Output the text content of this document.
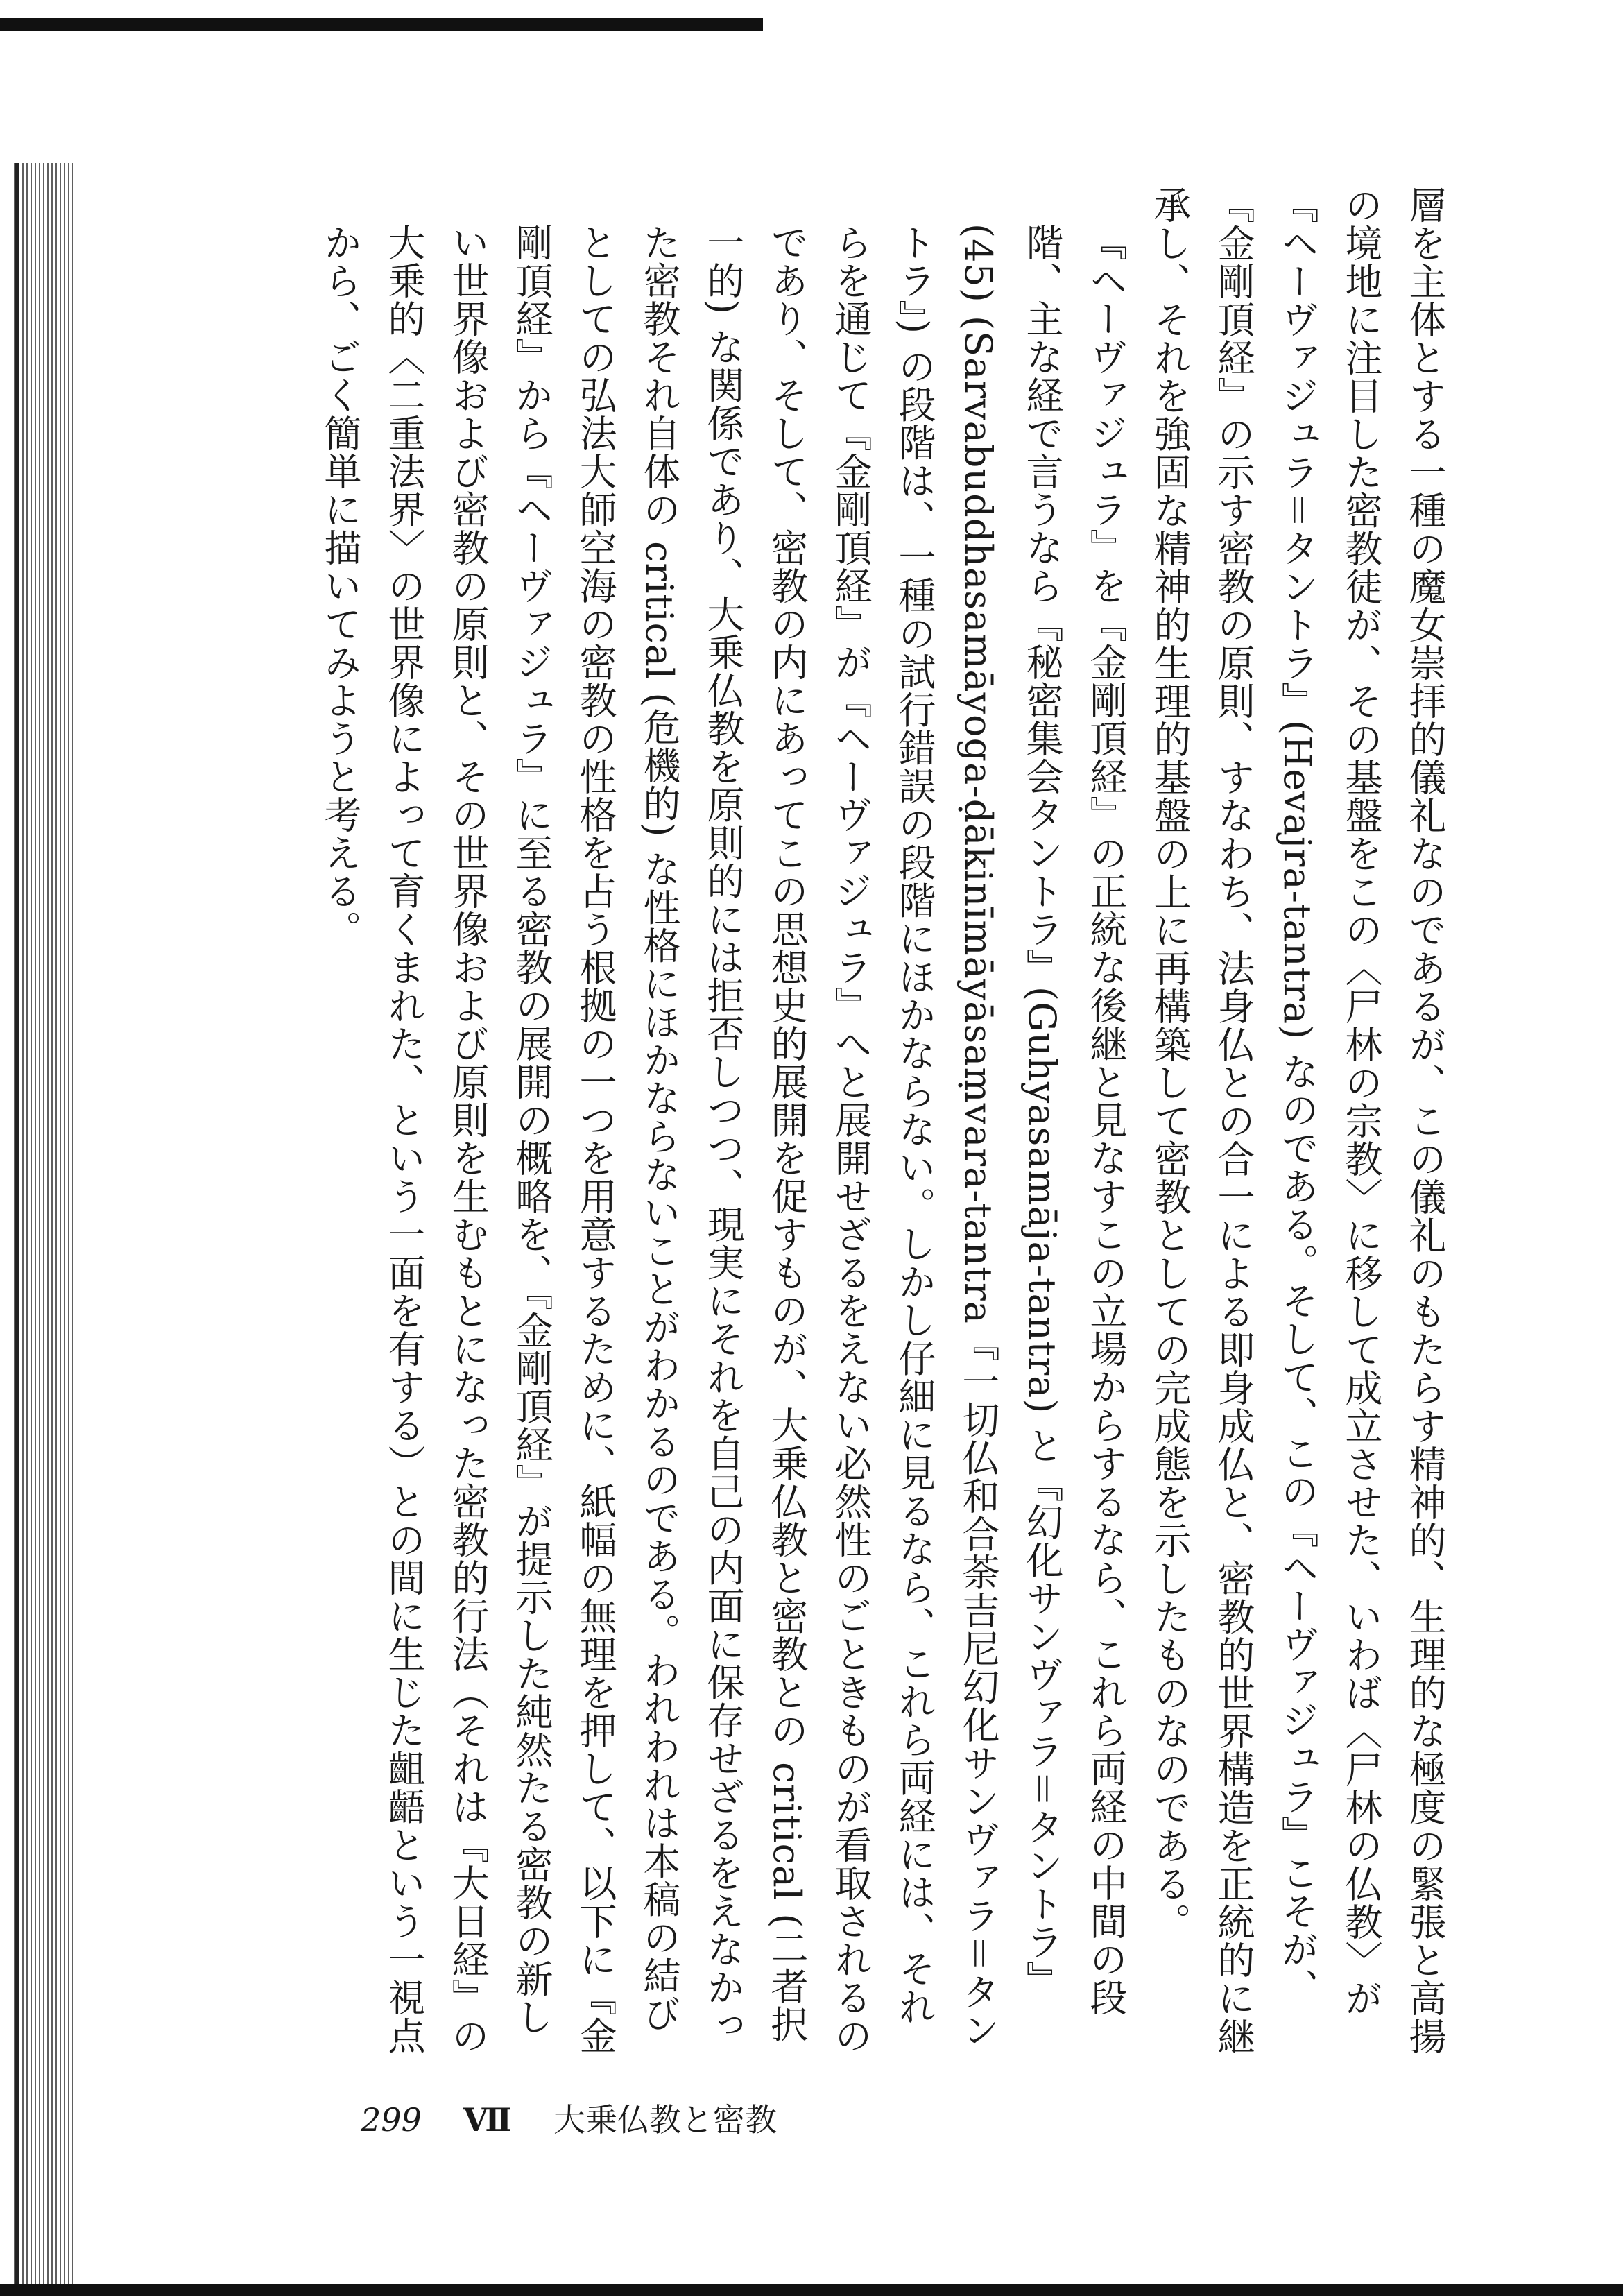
層を主体とする一種の魔女崇拝的儀礼なのであるが、この儀礼のもたらす精神的、生理的な極度の緊張と高揚の境地に注目した密教徒が、その基盤をこの〈尸林の宗教〉に移して成立させた、いわば〈尸林の仏教〉が『ヘーヴァジュラ＝タントラ』(Hevajra-tantra) なのである。そして、この『ヘーヴァジュラ』こそが、『金剛頂経』の示す密教の原則、すなわち、法身仏との合一による即身成仏と、密教的世界構造を正統的に継承し、それを強固な精神的生理的基盤の上に再構築して密教としての完成態を示したものなのである。

『ヘーヴァジュラ』を『金剛頂経』の正統な後継と見なすこの立場からするなら、これら両経の中間の段階、主な経で言うなら『秘密集会タントラ』(Guhyasamāja-tantra) と『幻化サンヴァラ＝タントラ』(45) (Sarvabuddhasamāyoga-ḍākinīmāyāsaṃvara-tantra『一切仏和合荼吉尼幻化サンヴァラ＝タントラ』) の段階は、一種の試行錯誤の段階にほかならない。しかし仔細に見るなら、これら両経には、それらを通じて『金剛頂経』が『ヘーヴァジュラ』へと展開せざるをえない必然性のごときものが看取されるのであり、そして、密教の内にあってこの思想史的展開を促すものが、大乗仏教と密教との critical (二者択一的) な関係であり、大乗仏教を原則的には拒否しつつ、現実にそれを自己の内面に保存せざるをえなかった密教それ自体の critical (危機的) な性格にほかならないことがわかるのである。われわれは本稿の結びとしての弘法大師空海の密教の性格を占う根拠の一つを用意するために、紙幅の無理を押して、以下に『金剛頂経』から『ヘーヴァジュラ』に至る密教の展開の概略を、『金剛頂経』が提示した純然たる密教の新しい世界像および密教の原則と、その世界像および原則を生むもとになった密教的行法（それは『大日経』の大乗的〈二重法界〉の世界像によって育くまれた、という一面を有する）との間に生じた齟齬という一視点から、ごく簡単に描いてみようと考える。

299 Ⅶ 大乗仏教と密教
